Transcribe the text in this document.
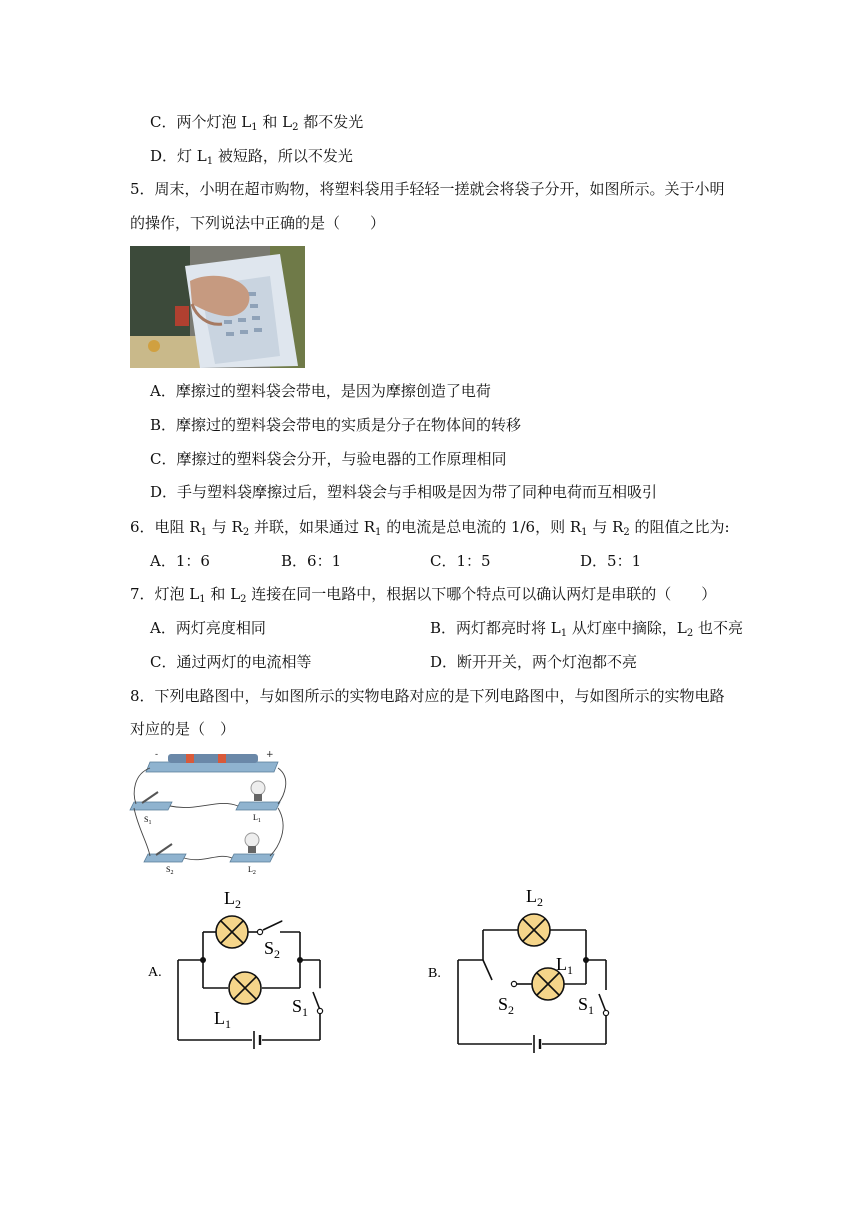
C．两个灯泡 $L_1$ 和 $L_2$ 都不发光
D．灯 $L_1$ 被短路，所以不发光
5．周末，小明在超市购物，将塑料袋用手轻轻一搓就会将袋子分开，如图所示。关于小明
的操作，下列说法中正确的是（　　）
A．摩擦过的塑料袋会带电，是因为摩擦创造了电荷
B．摩擦过的塑料袋会带电的实质是分子在物体间的转移
C．摩擦过的塑料袋会分开，与验电器的工作原理相同
D．手与塑料袋摩擦过后，塑料袋会与手相吸是因为带了同种电荷而互相吸引
6．电阻 $R_1$ 与 $R_2$ 并联，如果通过 $R_1$ 的电流是总电流的 1/6，则 $R_1$ 与 $R_2$ 的阻值之比为:
A．1：6	B．6：1	C．1：5	D．5：1
7．灯泡 $L_1$ 和 $L_2$ 连接在同一电路中，根据以下哪个特点可以确认两灯是串联的（　　）
A．两灯亮度相同	B．两灯都亮时将 $L_1$ 从灯座中摘除，$L_2$ 也不亮
C．通过两灯的电流相等	D．断开开关，两个灯泡都不亮
8．下列电路图中，与如图所示的实物电路对应的是下列电路图中，与如图所示的实物电路
对应的是（　）
-	+
$S_1$
$L_1$
$S_2$	$L_2$
A.
$L_2$
$S_2$
$L_1$
$S_1$
B.
$L_2$
$L_1$
$S_2$	$S_1$
